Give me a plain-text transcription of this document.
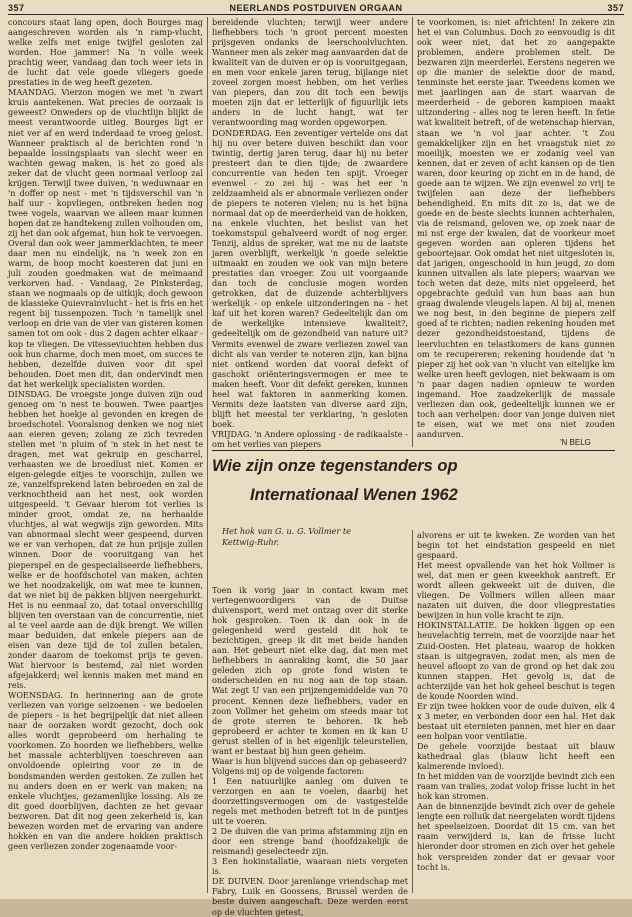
357	NEERLANDS POSTDUIVEN ORGAAN	357

concours staat lang open, doch Bourges mag aangeschreven worden als 'n ramp-vlucht, welke zelfs met enige twijfel gesloten zal worden. Hoe jammer! Na 'n volle week prachtig weer, vandaag dan toch weer iets in de lucht dat vele goede vliegers goede prestaties in de weg heeft gezeten.

MAANDAG. Vierzon mogen we met 'n zwart kruis aantekenen. Wat precies de oorzaak is geweest? Onweders op de vluchtlijn blijkt de meest verantwoorde uitleg. Bourges ligt er niet ver af en werd inderdaad te vroeg gelost. Wanneer praktisch al de berichten rond 'n bepaalde lossingsplaats van slecht weer en wachten gewag maken, is het zo goed als zeker dat de vlucht geen normaal verloop zal krijgen. Terwijl twee duiven, 'n weduwnaar en 'n doffer op nest - met 'n tijdsverschil van 'n half uur - kopvliegen, ontbreken heden nog twee vogels, waarvan we alleen maar kunnen hopen dat ze handtekeng zullen volhouden om, zij het dan ook afgemat, hun hok te vervoegen. Overal dan ook weer jammerklachten, te meer daar men nu eindelijk, na 'n week zon en warm, de hoop mocht koesteren dat juni en juli zouden goedmaken wat de meimaand verkorven had. - Vandaag, 2e Pinksterdag, staan we nogmaals op de uitkijk; doch gewoon de klassieke Quievrainvlucht - het is fris en het regent bij tussenpozen. Toch 'n tamelijk snel verloop en drie van de vier van gisteren komen samen tot om ook - dus 2 dagen achter elkaar - kop te vliegen. De vitesseviuchten hebben dus ook hun charme, doch men moet, om succes te hebben, dezelfde duiven voor dit spel behouden. Doet men dit, dan ondervindt men dat het werkelijk specialisten worden.

DINSDAG. De vroegste jonge duiven zijn oud genoeg om 'n nest te bouwen. Twee paartjes hebben het hoekje al gevonden en kregen de broedschotel. Vooralsnog denken we nog niet aan eieren geven; zolang ze zich tevreden stellen met 'n pluim of 'n stek in het nest te dragen, met wat gekruip en gescharrel, verhaasten we de broedlust niet. Komen er eigen-gelegde eitjes te voorschijn, zullen we ze, vanzelfsprekend laten bebroeden en zal de verknochtheid aan het nest, ook worden uitgespeeld. 't Gevaar hierom tot verlies is minder groot, omdat ze, na herhaalde vluchtjes, al wat wegwijs zijn geworden. Mits van abnormaal slecht weer gespeend, durven we er van verhopen, dat ze hun prijsje zullen winnen. Door de vooruitgang van het pieperspel en de gespecialiseerde liefhebbers, welke er de hoofdschotel van maken, achten we het noodzakelijk, om wat mee te kunnen, dat we niet bij de pakken blijven neergehurkt. Het is nu eenmaal zo, dat totaal onverschillig blijven ten overstaan van de concurrentie, niet al te veel aarde aan de dijk brengt. We willen maar beduiden, dat enkele piepers aan de eisen van deze tijd de tol zullen betalen, zonder daarom de toekomst prijs te geven. Wat hiervoor is bestemd, zal niet worden afgejakkerd; wel kennis maken met mand en reis.

WOENSDAG. In herinnering aan de grote verliezen van vorige seizoenen - we bedoelen de piepers - is het begrijpelijk dat niet alleen naar de oorzaken wordt gezocht, doch ook alles wordt geprobeerd om herhaling te voorkomen. Zo hoorden we liefhebbers, welke het massale achterblijven toeschreven aan onvoldoende opleiring voor ze in de bondsmanden werden gestoken. Ze zullen het nu anders doen en er werk van maken; na enkele vluchtjes, gezamenlijke lossing. Als ze dit goed doorblijven, dachten ze het gevaar bezworen. Dat dit nog geen zekerheid is, kan bewezen worden met de ervaring van andere hokken en van die andere hokken praktisch geen verliezen zonder zogenaamde voor-

bereidende vluchten; terwijl weer andere liefhebbers toch 'n groot percent moesten prijsgeven ondanks de leerschoolvluchten. Wanneer men als zeker mag aanvaarden dat de kwaliteit van de duiven er op is vooruitgegaan, en men voor enkele jaren terug, bijlange niet zoveel zorgen moest hebben, om het verlies van piepers, dan zou dit toch een bewijs moeten zijn dat er letterlijk of figuurlijk iets anders in de lucht hangt, wat ter verantwoording mag worden opgeworpen.

DONDERDAG. Een zeventiger vertelde ons dat hij nu over betere duiven beschikt dan voor twintig, dertig jaren terug, daar hij nu beter presteert dan te dien tijde; de zwaardere concurrentie van heden ten spijt. Vroeger evenwel - zo zei hij - was het eer 'n zeldzaamheid als er abnormale verliezen onder de piepers te noteren vielen; nu is het bijna normaal dat op de meerderheid van de hokken, na enkele vluchten, het beslist van het toekomstspul gehalveerd wordt of nog erger. Tenzij, aldus de spreker, wat me nu de laatste jaren overblijft, werkelijk 'n goede selektie uitmaakt en zouden we ook van mijn betere prestaties dan vroeger. Zou uit voorgaande dan toch de conclusie mogen worden getrokken, dat de duizende achterblijvers werkelijk - op enkele uitzonderingen na - het kaf uit het koren waren? Gedeeltelijk dan om de werkelijke intensieve kwaliteit?, gedeeltelijk om de gezondheid van nature uit? Vermits evenwel de zware verliezen zowel van dicht als van verder te noteren zijn, kan bijna niet ontkend worden dat vooral defekt of gaschokt oriënteringsvermogen er mee te maken heeft. Voor dit defekt gereken, kunnen heel wat faktoren in aanmerking komen. Vermits deze laatsten van diverse aard zijn, blijft het meestal ter verklaring, 'n gesloten boek.

VRIJDAG. 'n Andere oplossing - de radikaalste - om het verlies van piepers

te voorkomen, is: niet africhten! In zekere zin het ei van Columbus. Doch zo eenvoudig is dit ook weer niet, dat het zo aangepakte problemen, andere problemen stelt. De bezwaren zijn meerderlei. Eerstens negeren we op die manier de selektie door de mand, tenminste het eerste jaar. Tweedens komen we met jaarlingen aan de start waarvan de meerderheid - de geboren kampioen maakt uitzondering - alles nog te leren heeft. In fetie wat kwaliteit betreft, of de wetenschap hiervan, staan we 'n vol jaar achter. 't Zou gemakkelijker zijn en het vraagstuk niet zo moeilijk, moesten we er zodanig veel van kennen, dat er zeven of acht kansen op de tien waren, door keuring op zicht en in de hand, de goede aan te wijzen. We zijn evenwel zo vrij te twijfelen aan deze der liefhebbers behendigheid. En mits dit zo is, dat we de goede en de beste slechts kunnen achterhalen, via de reismand, geloven we, op zoek naar de mi nst erge der kwalen, dat de voorkeur moet gegeven worden aan opleren tijdens het geboortejaar. Ook omdat het niet uitgesloten is, dat jarigen, ongeschoold in hun jeugd, zo dom kunnen uitvallen als late piepers; waarvan we toch weten dat deze, mits niet opgeleerd, het opgebrachte geduld van hun baas aan hun graag dwalende vleugels lapen. Al bij al, menen we nog best, in den beginne de piepers zelf goed af te richten; nadien rekening houden met dezer gezondheidstoestand, tijdens de leervluchten en telastkomers de kans gunnen om te recupereren; rekening houdende dat 'n pieper zij het ook van 'n vlucht van eitelijke km welke uren heeft gevlogen, niet bekwaam is om 'n paar dagen nadien opnieuw te worden ingemand. Hoe zaadzekerlijk de massale verliezen dan ook, gedeeltelijk kunnen we er toch aan verhelpen: door van jonge duiven niet te eisen, wat we met ons niet zouden aandurven.

'N BELG
Wie zijn onze tegenstanders op
Internationaal Wenen 1962
Het hok van G. u. G. Vollmer te
Kettwig-Ruhr.

Toen ik vorig jaar in contact kwam met vertegenwoordigers van de Duitse duivensport, werd met ontzag over dit sterke hok gesproken. Toen ik dan ook in de gelegenheid werd gesteld dit hok te bezichtigen, greep ik dit met beide handen aan. Het gebeurt niet elke dag, dat men met liefhebbers in aanraking komt, die 50 jaar geleden zich op grote fond wisten te onderscheiden en nu nog aan de top staan. Wat zegt U van een prijzengemiddelde van 70 procent. Kennen deze liefhebbers, vader en zoon Vollmer het geheim om steeds maar tot de grote sterren te behoren. Ik heb geprobeerd er achter te komen en ik kan U gerust stellen of is het eigenlijk teleurstellen, want er bestaat bij hun geen geheim.

Waar is hun blijvend succes dan op gebaseerd?

Volgens mij op de volgende factoren:

1 Een natuurlijke aanleg om duiven te verzorgen en aan te voelen, daarbij het doorzettingsvermogen om de vastgestelde regels met methoden betreft tot in de puntjes uit te voeren.

2 De duiven die van prima afstamming zijn en door een strenge band (hoofdzakelijk de reismand) geselecteedr zijn.

3 Een hokinstallatie, waaraan niets vergeten is.

DE DUIVEN. Door jarenlange vriendschap met Fabry, Luik en Goossens, Brussel werden de beste duiven aangeschaft. Deze werden eerst op de vluchten getest,

alvorens er uit te kweken. Ze worden van het begin tot het eindstation gespeeld en niet gespaard.

Het meest opvallende van het hok Vollmer is wel, dat men er geen kweekhok aantreft. Er wordt alleen gekweekt uit de duiven, die vliegen. De Vollmers willen alleen maar nazaten uit duiven, die door vliegprestaties bewijzen in hun volle kracht te zijn.

HOKINSTALLATIE. De hokken liggen op een heuvelachtig terrein, met de voorzijde naar het Zuid-Oosten. Het plateau, waarop de hokken staan is uitgegraven, zodat men, als men de heuvel afloopt zo van de grond op het dak zou kunnen stappen. Het gevolg is, dat de achterzijde van het hok geheel beschut is tegen de koude Noorden wind.

Er zijn twee hokken voor de oude duiven, elk 4 x 3 meter, en verbonden door een hal. Het dak bestaat uit eternieten pannen, met hier en daar een holpan voor ventilatie.

De gehele voorzijde bestaat uit blauw kathedraal glas (blauw licht heeft een kalmerende invloed).

In het midden van de voorzijde bevindt zich een raam van tralies, zodat volop frisse lucht in het hok kan stromen.

Aan de binnenzijde bevindt zich over de gehele lengte een rolluik dat neergelaten wordt tijdens het speelseizoen. Doordat dit 15 cm. van het raam verwijderd is, kan de frisse lucht hieronder door stromen en zich over het gehele hok verspreiden zonder dat er gevaar voor tocht is.
